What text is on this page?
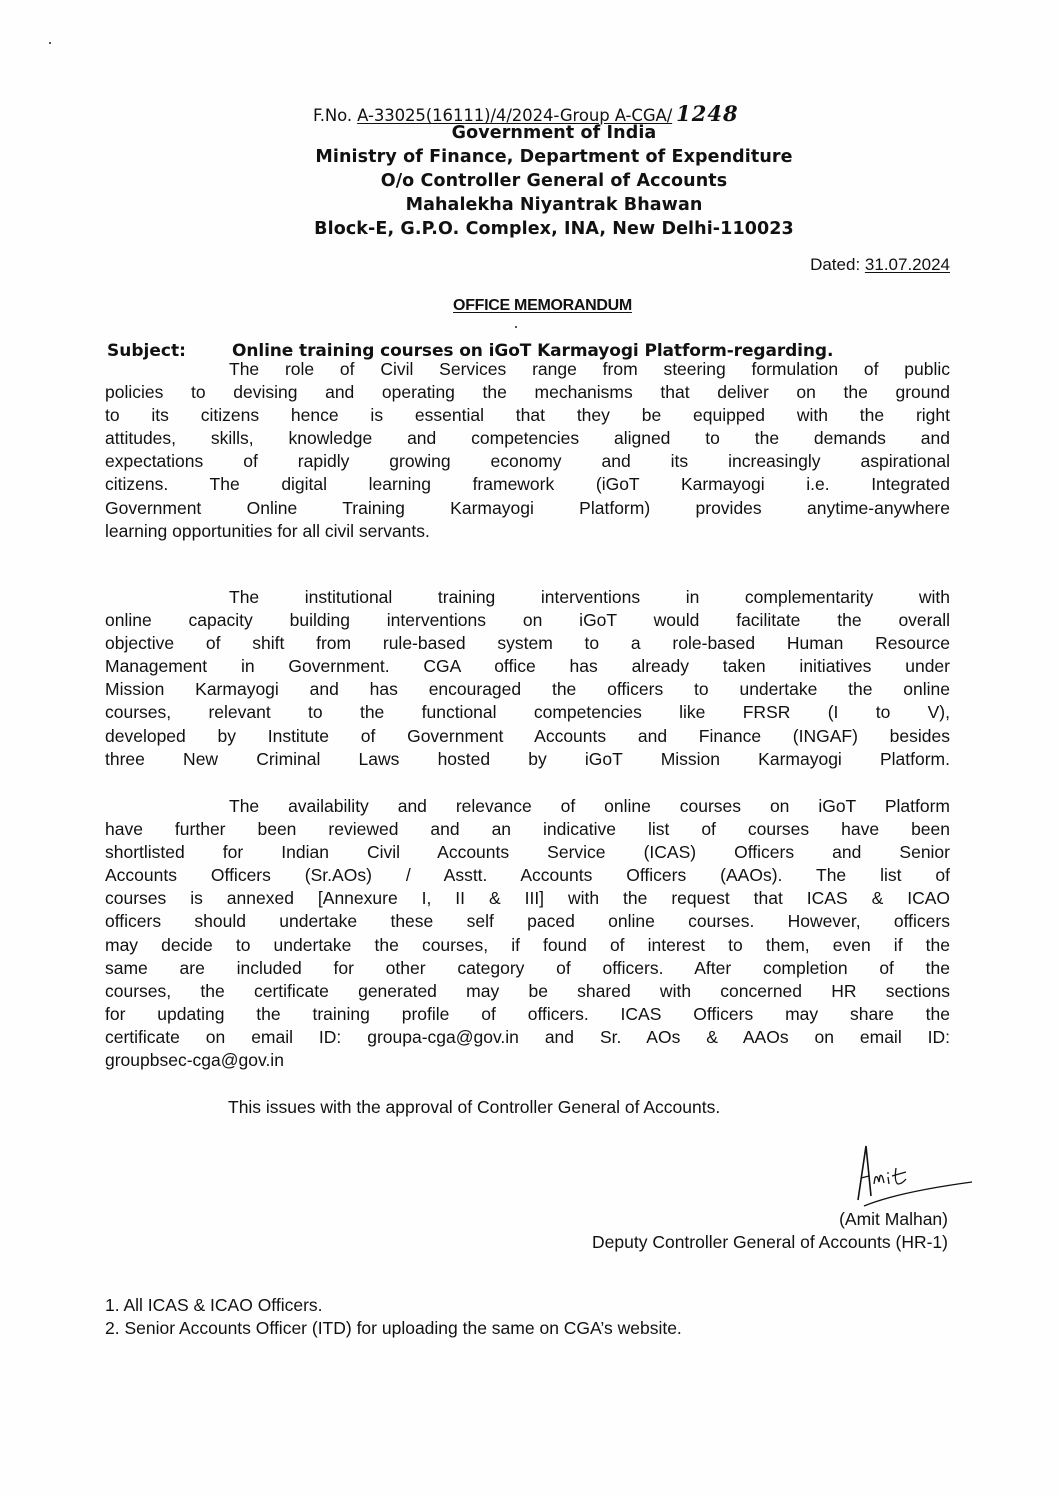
F.No. A-33025(16111)/4/2024-Group A-CGA/ 1248
Government of India
Ministry of Finance, Department of Expenditure
O/o Controller General of Accounts
Mahalekha Niyantrak Bhawan
Block-E, G.P.O. Complex, INA, New Delhi-110023
Dated: 31.07.2024
OFFICE MEMORANDUM
Subject:	Online training courses on iGoT Karmayogi Platform-regarding.
The role of Civil Services range from steering formulation of public
policies to devising and operating the mechanisms that deliver on the ground
to its citizens hence is essential that they be equipped with the right
attitudes, skills, knowledge and competencies aligned to the demands and
expectations of rapidly growing economy and its increasingly aspirational
citizens. The digital learning framework (iGoT Karmayogi i.e. Integrated
Government Online Training Karmayogi Platform) provides anytime-anywhere
learning opportunities for all civil servants.
The institutional training interventions in complementarity with
online capacity building interventions on iGoT would facilitate the overall
objective of shift from rule-based system to a role-based Human Resource
Management in Government. CGA office has already taken initiatives under
Mission Karmayogi and has encouraged the officers to undertake the online
courses, relevant to the functional competencies like FRSR (I to V),
developed by Institute of Government Accounts and Finance (INGAF) besides
three New Criminal Laws hosted by iGoT Mission Karmayogi Platform.
The availability and relevance of online courses on iGoT Platform
have further been reviewed and an indicative list of courses have been
shortlisted for Indian Civil Accounts Service (ICAS) Officers and Senior
Accounts Officers (Sr.AOs) / Asstt. Accounts Officers (AAOs). The list of
courses is annexed [Annexure I, II & III] with the request that ICAS & ICAO
officers should undertake these self paced online courses. However, officers
may decide to undertake the courses, if found of interest to them, even if the
same are included for other category of officers. After completion of the
courses, the certificate generated may be shared with concerned HR sections
for updating the training profile of officers. ICAS Officers may share the
certificate on email ID: groupa-cga@gov.in and Sr. AOs & AAOs on email ID:
groupbsec-cga@gov.in
This issues with the approval of Controller General of Accounts.
(Amit Malhan)
Deputy Controller General of Accounts (HR-1)
1. All ICAS & ICAO Officers.
2. Senior Accounts Officer (ITD) for uploading the same on CGA’s website.
